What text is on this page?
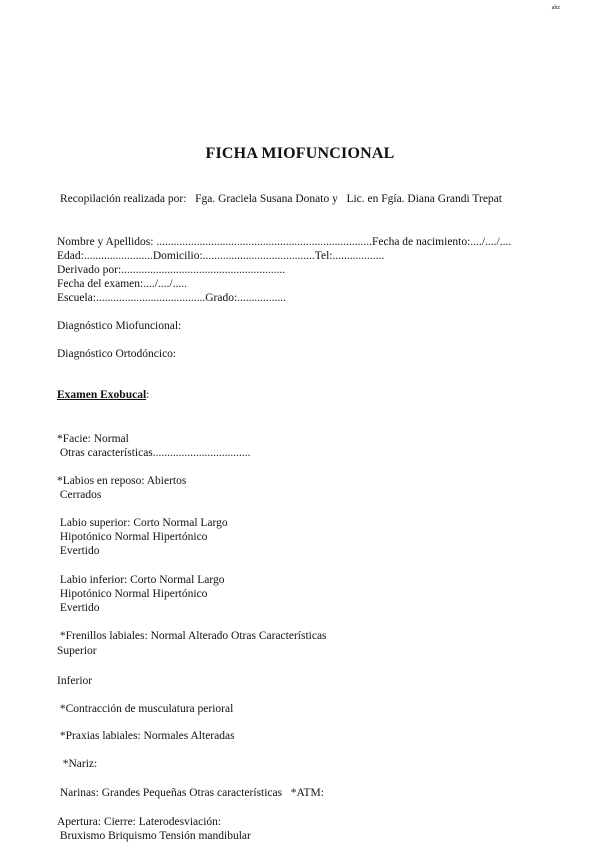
ahz
FICHA MIOFUNCIONAL
Recopilación realizada por:   Fga. Graciela Susana Donato y   Lic. en Fgía. Diana Grandi Trepat
Nombre y Apellidos: ...........................................................................Fecha de nacimiento:..../..../....
Edad:........................Domicilio:.......................................Tel:..................
Derivado por:.........................................................
Fecha del examen:..../..../.....
Escuela:......................................Grado:.................
Diagnóstico Miofuncional:
Diagnóstico Ortodóncico:
Examen Exobucal:
*Facie: Normal
Otras características..................................
*Labios en reposo: Abiertos
Cerrados
Labio superior: Corto Normal Largo
Hipotónico Normal Hipertónico
Evertido
Labio inferior: Corto Normal Largo
Hipotónico Normal Hipertónico
Evertido
*Frenillos labiales: Normal Alterado Otras Características
Superior
Inferior
*Contracción de musculatura perioral
*Praxias labiales: Normales Alteradas
*Nariz:
Narinas: Grandes Pequeñas Otras características   *ATM:
Apertura: Cierre: Laterodesviación:
Bruxismo Briquismo Tensión mandibular
